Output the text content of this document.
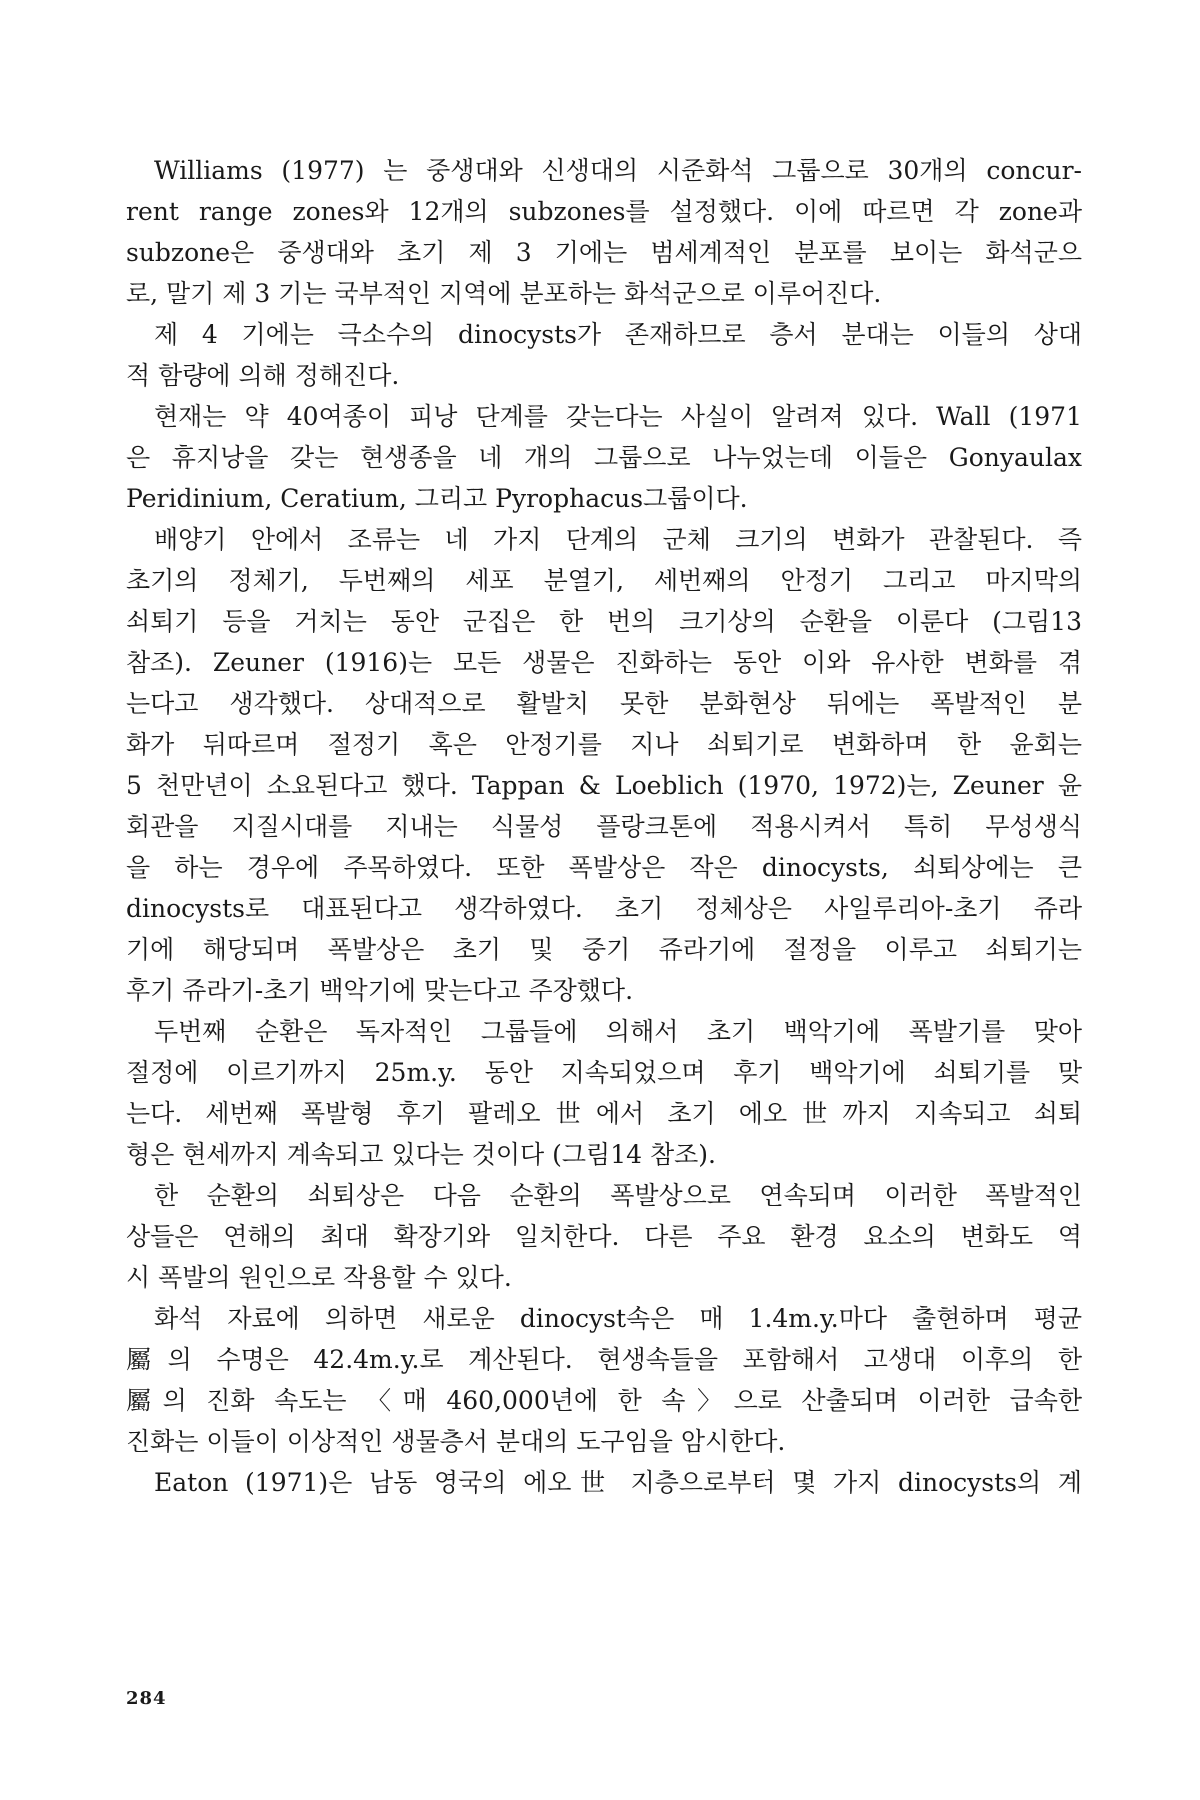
Williams (1977) 는 중생대와 신생대의 시준화석 그룹으로 30개의 concur-
rent range zones와 12개의 subzones를 설정했다. 이에 따르면 각 zone과
subzone은 중생대와 초기 제 3 기에는 범세계적인 분포를 보이는 화석군으
로, 말기 제 3 기는 국부적인 지역에 분포하는 화석군으로 이루어진다.
제 4 기에는 극소수의 dinocysts가 존재하므로 층서 분대는 이들의 상대
적 함량에 의해 정해진다.
현재는 약 40여종이 피낭 단계를 갖는다는 사실이 알려져 있다. Wall (1971
은 휴지낭을 갖는 현생종을 네 개의 그룹으로 나누었는데 이들은 Gonyaulax
Peridinium, Ceratium, 그리고 Pyrophacus그룹이다.
배양기 안에서 조류는 네 가지 단계의 군체 크기의 변화가 관찰된다. 즉
초기의 정체기, 두번째의 세포 분열기, 세번째의 안정기 그리고 마지막의
쇠퇴기 등을 거치는 동안 군집은 한 번의 크기상의 순환을 이룬다 (그림13
참조). Zeuner (1916)는 모든 생물은 진화하는 동안 이와 유사한 변화를 겪
는다고 생각했다. 상대적으로 활발치 못한 분화현상 뒤에는 폭발적인 분
화가 뒤따르며 절정기 혹은 안정기를 지나 쇠퇴기로 변화하며 한 윤회는
5 천만년이 소요된다고 했다. Tappan & Loeblich (1970, 1972)는, Zeuner 윤
회관을 지질시대를 지내는 식물성 플랑크톤에 적용시켜서 특히 무성생식
을 하는 경우에 주목하였다. 또한 폭발상은 작은 dinocysts, 쇠퇴상에는 큰
dinocysts로 대표된다고 생각하였다. 초기 정체상은 사일루리아-초기 쥬라
기에 해당되며 폭발상은 초기 및 중기 쥬라기에 절정을 이루고 쇠퇴기는
후기 쥬라기-초기 백악기에 맞는다고 주장했다.
두번째 순환은 독자적인 그룹들에 의해서 초기 백악기에 폭발기를 맞아
절정에 이르기까지 25m.y. 동안 지속되었으며 후기 백악기에 쇠퇴기를 맞
는다. 세번째 폭발형 후기 팔레오世에서 초기 에오世까지 지속되고 쇠퇴
형은 현세까지 계속되고 있다는 것이다 (그림14 참조).
한 순환의 쇠퇴상은 다음 순환의 폭발상으로 연속되며 이러한 폭발적인
상들은 연해의 최대 확장기와 일치한다. 다른 주요 환경 요소의 변화도 역
시 폭발의 원인으로 작용할 수 있다.
화석 자료에 의하면 새로운 dinocyst속은 매 1.4m.y.마다 출현하며 평균
屬의 수명은 42.4m.y.로 계산된다. 현생속들을 포함해서 고생대 이후의 한
屬의 진화 속도는 〈매 460,000년에 한 속〉으로 산출되며 이러한 급속한
진화는 이들이 이상적인 생물층서 분대의 도구임을 암시한다.
Eaton (1971)은 남동 영국의 에오世 지층으로부터 몇 가지 dinocysts의 계
284
